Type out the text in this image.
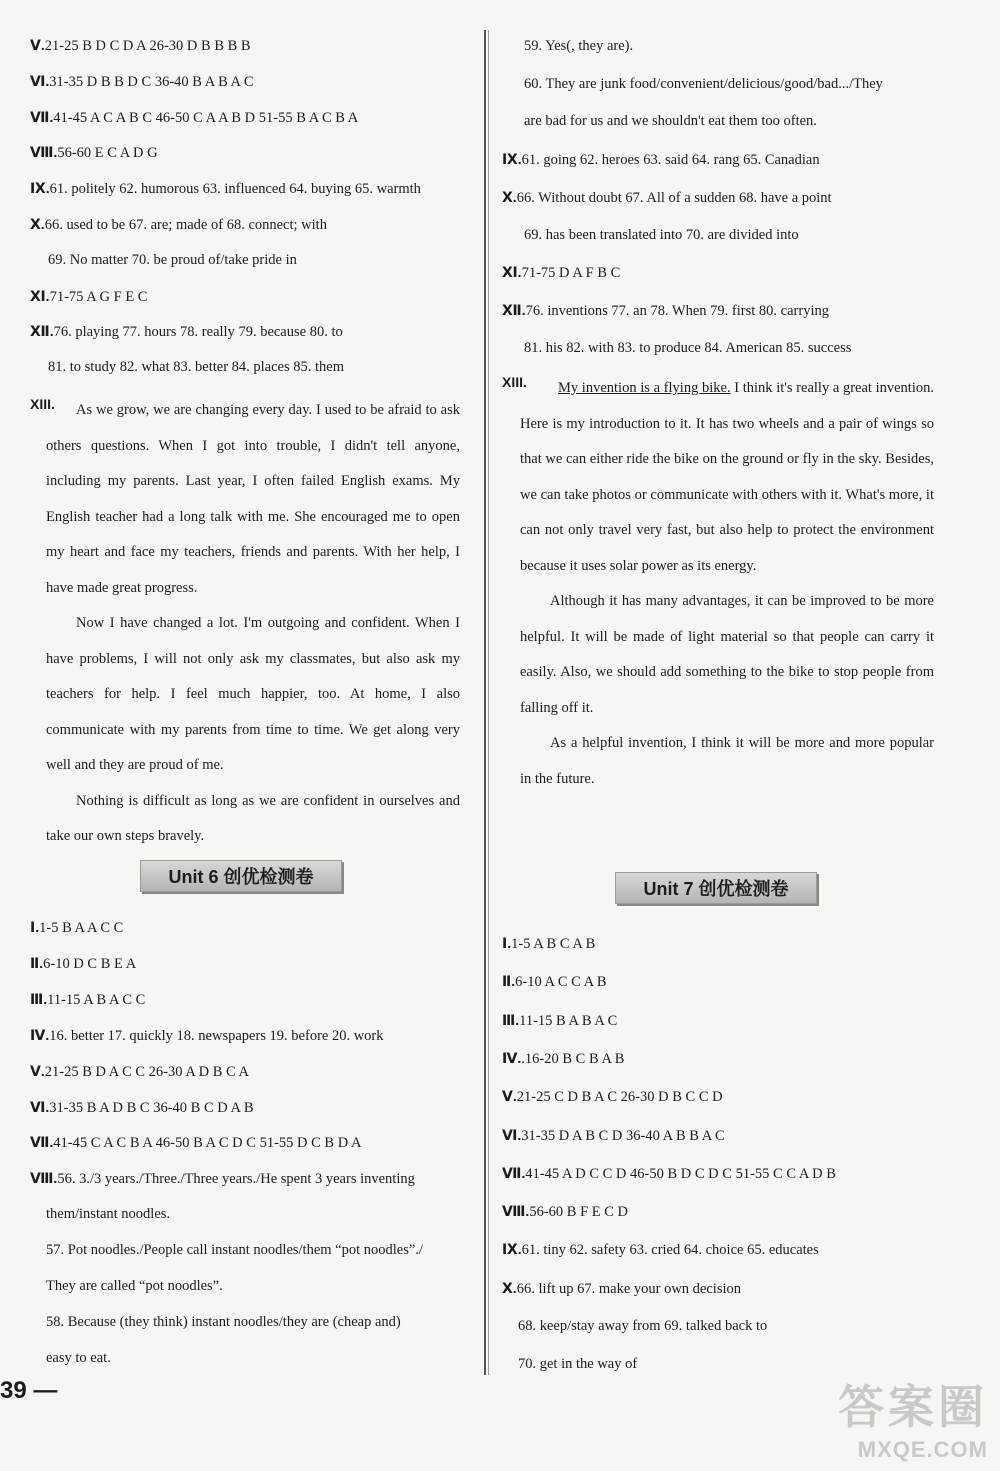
Ⅴ.21-25 B D C D A 26-30 D B B B B
Ⅵ.31-35 D B B D C 36-40 B A B A C
Ⅶ.41-45 A C A B C 46-50 C A A B D 51-55 B A C B A
Ⅷ.56-60 E C A D G
Ⅸ.61. politely 62. humorous 63. influenced 64. buying 65. warmth
Ⅹ.66. used to be 67. are; made of 68. connect; with
69. No matter 70. be proud of/take pride in
Ⅺ.71-75 A G F E C
Ⅻ.76. playing 77. hours 78. really 79. because 80. to
81. to study 82. what 83. better 84. places 85. them
XIII.	As we grow, we are changing every day. I used to be afraid to ask others questions. When I got into trouble, I didn't tell anyone, including my parents. Last year, I often failed English exams. My English teacher had a long talk with me. She encouraged me to open my heart and face my teachers, friends and parents. With her help, I have made great progress.

Now I have changed a lot. I'm outgoing and confident. When I have problems, I will not only ask my classmates, but also ask my teachers for help. I feel much happier, too. At home, I also communicate with my parents from time to time. We get along very well and they are proud of me.

Nothing is difficult as long as we are confident in ourselves and take our own steps bravely.

Unit 6 创优检测卷
Ⅰ.1-5 B A A C C
Ⅱ.6-10 D C B E A
Ⅲ.11-15 A B A C C
Ⅳ.16. better 17. quickly 18. newspapers 19. before 20. work
Ⅴ.21-25 B D A C C 26-30 A D B C A
Ⅵ.31-35 B A D B C 36-40 B C D A B
Ⅶ.41-45 C A C B A 46-50 B A C D C 51-55 D C B D A
Ⅷ.56. 3./3 years./Three./Three years./He spent 3 years inventing
them/instant noodles.
57. Pot noodles./People call instant noodles/them “pot noodles”./
They are called “pot noodles”.
58. Because (they think) instant noodles/they are (cheap and)
easy to eat.
39 —
59. Yes(, they are).
60. They are junk food/convenient/delicious/good/bad.../They
are bad for us and we shouldn't eat them too often.
Ⅸ.61. going 62. heroes 63. said 64. rang 65. Canadian
Ⅹ.66. Without doubt 67. All of a sudden 68. have a point
69. has been translated into 70. are divided into
Ⅺ.71-75 D A F B C
Ⅻ.76. inventions 77. an 78. When 79. first 80. carrying
81. his 82. with 83. to produce 84. American 85. success
XIII.	My invention is a flying bike. I think it's really a great invention. Here is my introduction to it. It has two wheels and a pair of wings so that we can either ride the bike on the ground or fly in the sky. Besides, we can take photos or communicate with others with it. What's more, it can not only travel very fast, but also help to protect the environment because it uses solar power as its energy.

Although it has many advantages, it can be improved to be more helpful. It will be made of light material so that people can carry it easily. Also, we should add something to the bike to stop people from falling off it.

As a helpful invention, I think it will be more and more popular in the future.

Unit 7 创优检测卷
Ⅰ.1-5 A B C A B
Ⅱ.6-10 A C C A B
Ⅲ.11-15 B A B A C
Ⅳ..16-20 B C B A B
Ⅴ.21-25 C D B A C 26-30 D B C C D
Ⅵ.31-35 D A B C D 36-40 A B B A C
Ⅶ.41-45 A D C C D 46-50 B D C D C 51-55 C C A D B
Ⅷ.56-60 B F E C D
Ⅸ.61. tiny 62. safety 63. cried 64. choice 65. educates
Ⅹ.66. lift up 67. make your own decision
68. keep/stay away from 69. talked back to
70. get in the way of
答案圈
MXQE.COM
